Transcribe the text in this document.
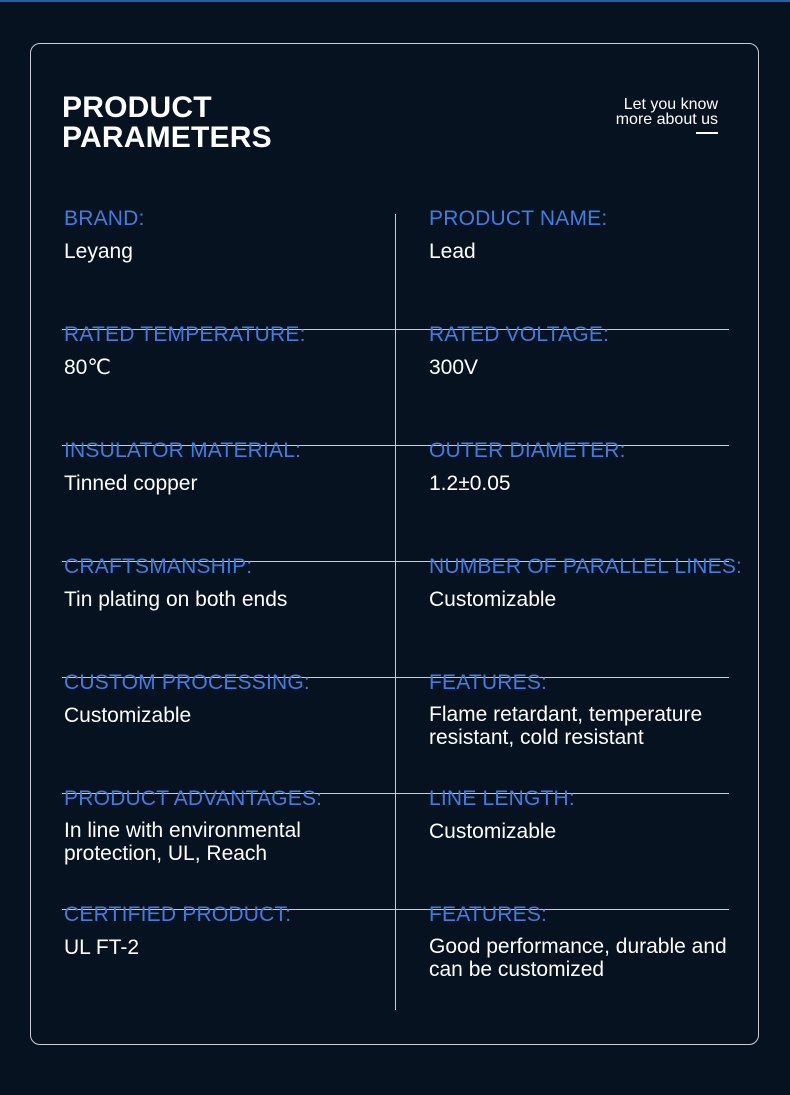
PRODUCT
PARAMETERS
Let you know
more about us
BRAND:
Leyang
PRODUCT NAME:
Lead
RATED TEMPERATURE:
80℃
RATED VOLTAGE:
300V
INSULATOR MATERIAL:
Tinned copper
OUTER DIAMETER:
1.2±0.05
CRAFTSMANSHIP:
Tin plating on both ends
NUMBER OF PARALLEL LINES:
Customizable
CUSTOM PROCESSING:
Customizable
FEATURES:
Flame retardant, temperature resistant, cold resistant
PRODUCT ADVANTAGES:
In line with environmental protection, UL, Reach
LINE LENGTH:
Customizable
CERTIFIED PRODUCT:
UL FT-2
FEATURES:
Good performance, durable and can be customized
